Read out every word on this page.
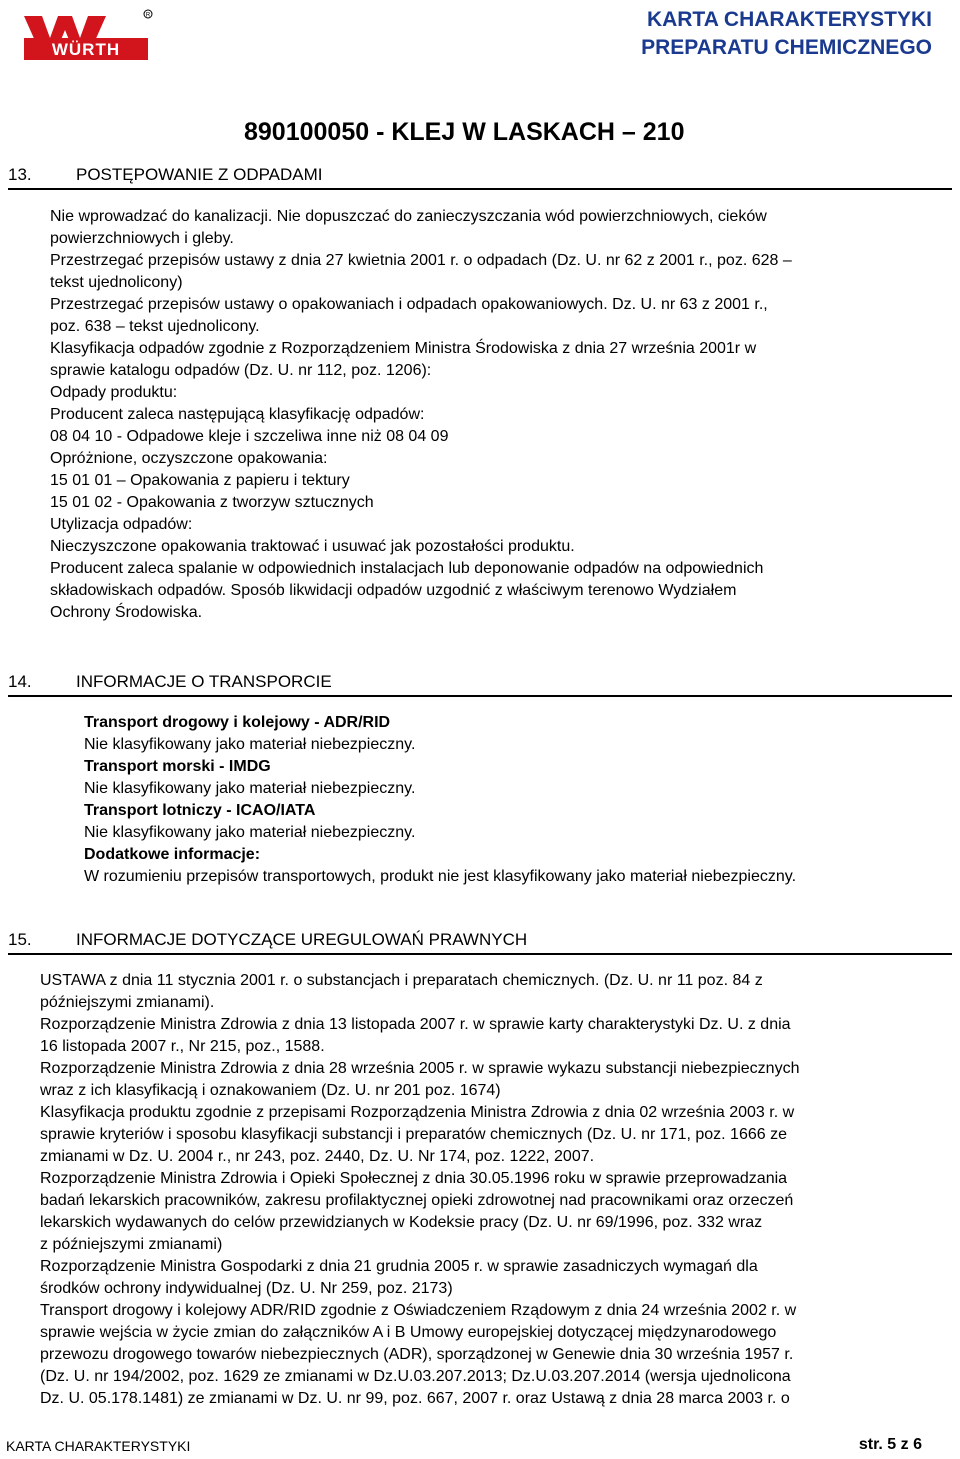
WÜRTH
R	KARTA CHARAKTERYSTYKI
PREPARATU CHEMICZNEGO
890100050 - KLEJ W LASKACH – 210
13.	POSTĘPOWANIE Z ODPADAMI
Nie wprowadzać do kanalizacji. Nie dopuszczać do zanieczyszczania wód powierzchniowych, cieków
powierzchniowych i gleby.
Przestrzegać przepisów ustawy z dnia 27 kwietnia 2001 r. o odpadach (Dz. U. nr 62 z 2001 r., poz. 628 –
tekst ujednolicony)
Przestrzegać przepisów ustawy o opakowaniach i odpadach opakowaniowych. Dz. U. nr 63 z 2001 r.,
poz. 638 – tekst ujednolicony.
Klasyfikacja odpadów zgodnie z Rozporządzeniem Ministra Środowiska z dnia 27 września 2001r w
sprawie katalogu odpadów (Dz. U. nr 112, poz. 1206):
Odpady produktu:
Producent zaleca następującą klasyfikację odpadów:
08 04 10 - Odpadowe kleje i szczeliwa inne niż 08 04 09
Opróżnione, oczyszczone opakowania:
15 01 01 – Opakowania z papieru i tektury
15 01 02 - Opakowania z tworzyw sztucznych
Utylizacja odpadów:
Nieczyszczone opakowania traktować i usuwać jak pozostałości produktu.
Producent zaleca spalanie w odpowiednich instalacjach lub deponowanie odpadów na odpowiednich
składowiskach odpadów. Sposób likwidacji odpadów uzgodnić z właściwym terenowo Wydziałem
Ochrony Środowiska.
14.	INFORMACJE O TRANSPORCIE
Transport drogowy i kolejowy - ADR/RID
Nie klasyfikowany jako materiał niebezpieczny.
Transport morski - IMDG
Nie klasyfikowany jako materiał niebezpieczny.
Transport lotniczy - ICAO/IATA
Nie klasyfikowany jako materiał niebezpieczny.
Dodatkowe informacje:
W rozumieniu przepisów transportowych, produkt nie jest klasyfikowany jako materiał niebezpieczny.
15.	INFORMACJE DOTYCZĄCE UREGULOWAŃ PRAWNYCH
USTAWA z dnia 11 stycznia 2001 r. o substancjach i preparatach chemicznych. (Dz. U. nr 11 poz. 84 z
późniejszymi zmianami).
Rozporządzenie Ministra Zdrowia z dnia 13 listopada 2007 r. w sprawie karty charakterystyki Dz. U. z dnia
16 listopada 2007 r., Nr 215, poz., 1588.
Rozporządzenie Ministra Zdrowia z dnia 28 września 2005 r. w sprawie wykazu substancji niebezpiecznych
wraz z ich klasyfikacją i oznakowaniem (Dz. U. nr 201 poz. 1674)
Klasyfikacja produktu zgodnie z przepisami Rozporządzenia Ministra Zdrowia z dnia 02 września 2003 r. w
sprawie kryteriów i sposobu klasyfikacji substancji i preparatów chemicznych (Dz. U. nr 171, poz. 1666 ze
zmianami w Dz. U. 2004 r., nr 243, poz. 2440, Dz. U. Nr 174, poz. 1222, 2007.
Rozporządzenie Ministra Zdrowia i Opieki Społecznej z dnia 30.05.1996 roku w sprawie przeprowadzania
badań lekarskich pracowników, zakresu profilaktycznej opieki zdrowotnej nad pracownikami oraz orzeczeń
lekarskich wydawanych do celów przewidzianych w Kodeksie pracy (Dz. U. nr 69/1996, poz. 332 wraz
z późniejszymi zmianami)
Rozporządzenie Ministra Gospodarki z dnia 21 grudnia 2005 r. w sprawie zasadniczych wymagań dla
środków ochrony indywidualnej (Dz. U. Nr 259, poz. 2173)
Transport drogowy i kolejowy ADR/RID zgodnie z Oświadczeniem Rządowym z dnia 24 września 2002 r. w
sprawie wejścia w życie zmian do załączników A i B Umowy europejskiej dotyczącej międzynarodowego
przewozu drogowego towarów niebezpiecznych (ADR), sporządzonej w Genewie dnia 30 września 1957 r.
(Dz. U. nr 194/2002, poz. 1629 ze zmianami w Dz.U.03.207.2013; Dz.U.03.207.2014 (wersja ujednolicona
Dz. U. 05.178.1481) ze zmianami w Dz. U. nr 99, poz. 667, 2007 r. oraz Ustawą z dnia 28 marca 2003 r. o
KARTA CHARAKTERYSTYKI	str. 5 z 6
